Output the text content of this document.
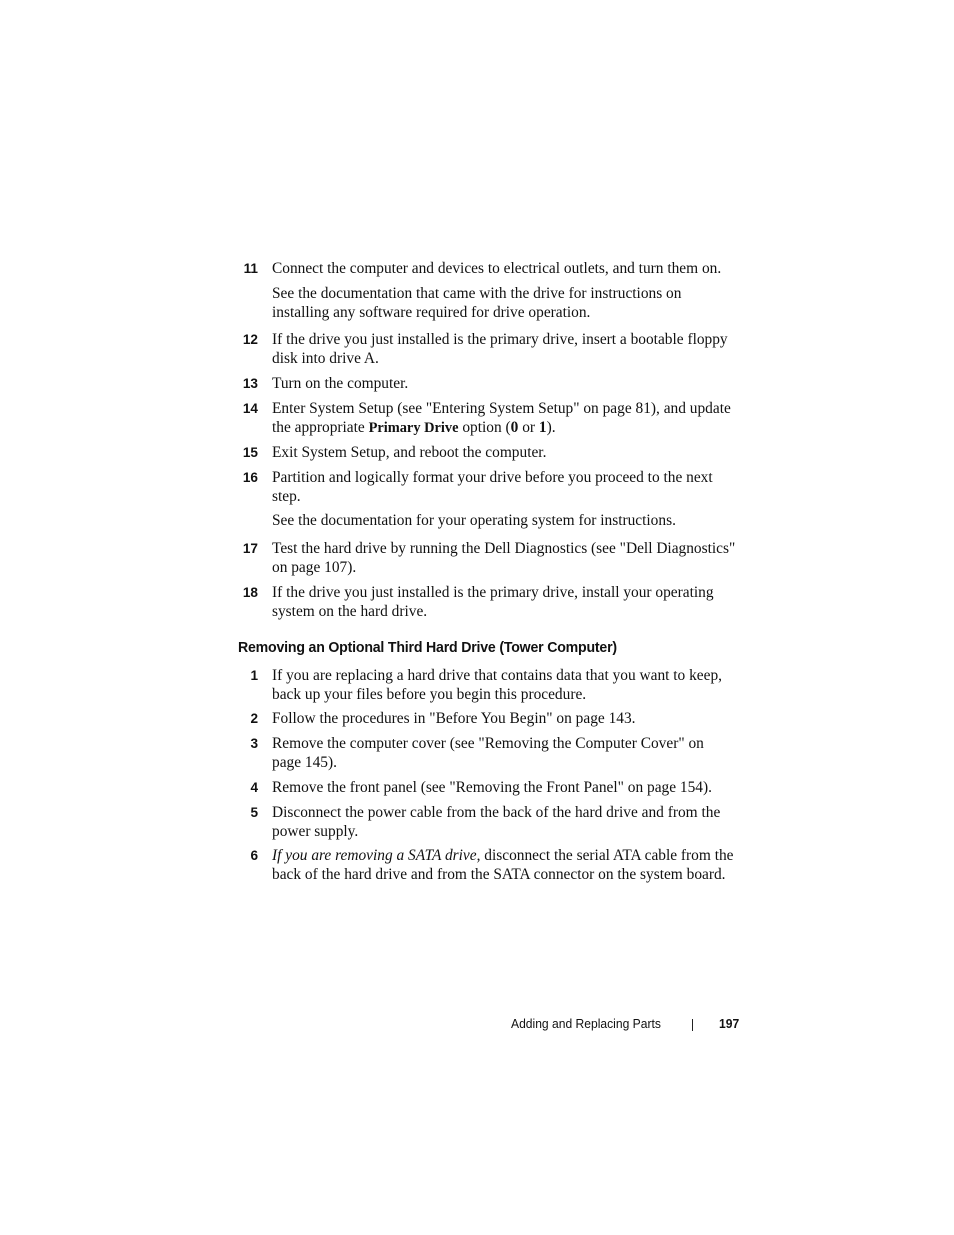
11 Connect the computer and devices to electrical outlets, and turn them on.
See the documentation that came with the drive for instructions on
installing any software required for drive operation.
12 If the drive you just installed is the primary drive, insert a bootable floppy
disk into drive A.
13 Turn on the computer.
14 Enter System Setup (see "Entering System Setup" on page 81), and update
the appropriate Primary Drive option (0 or 1).
15 Exit System Setup, and reboot the computer.
16 Partition and logically format your drive before you proceed to the next
step.
See the documentation for your operating system for instructions.
17 Test the hard drive by running the Dell Diagnostics (see "Dell Diagnostics"
on page 107).
18 If the drive you just installed is the primary drive, install your operating
system on the hard drive.
Removing an Optional Third Hard Drive (Tower Computer)
1 If you are replacing a hard drive that contains data that you want to keep,
back up your files before you begin this procedure.
2 Follow the procedures in "Before You Begin" on page 143.
3 Remove the computer cover (see "Removing the Computer Cover" on
page 145).
4 Remove the front panel (see "Removing the Front Panel" on page 154).
5 Disconnect the power cable from the back of the hard drive and from the
power supply.
6 If you are removing a SATA drive, disconnect the serial ATA cable from the
back of the hard drive and from the SATA connector on the system board.
Adding and Replacing Parts	197
